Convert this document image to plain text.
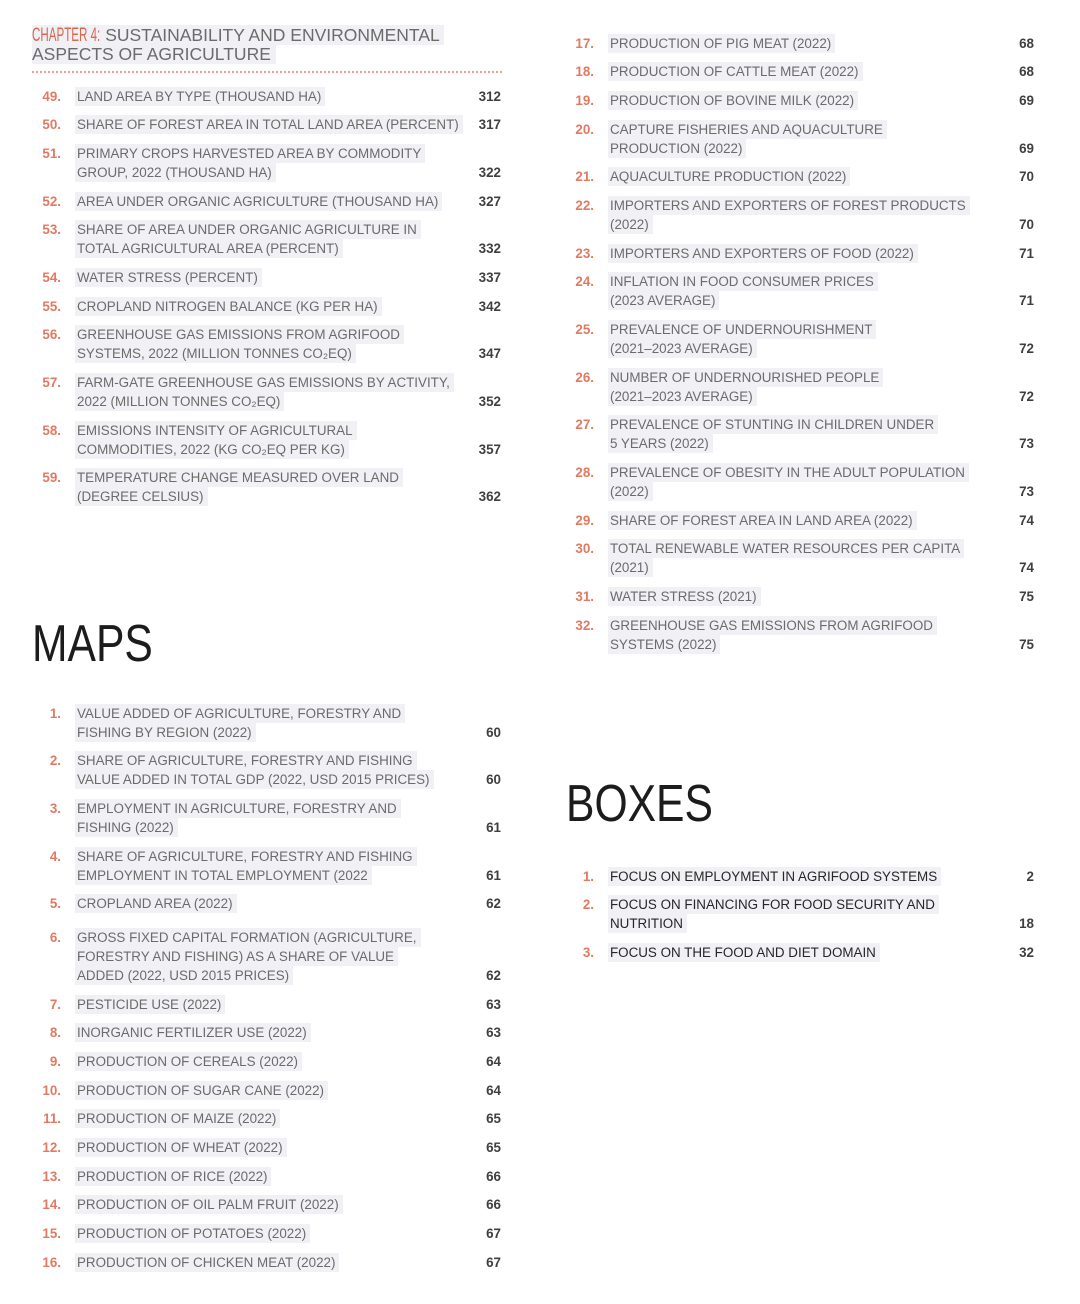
CHAPTER 4: SUSTAINABILITY AND ENVIRONMENTAL ASPECTS OF AGRICULTURE
49. LAND AREA BY TYPE (THOUSAND HA)	312
50. SHARE OF FOREST AREA IN TOTAL LAND AREA (PERCENT)	317
51. PRIMARY CROPS HARVESTED AREA BY COMMODITY
GROUP, 2022 (THOUSAND HA)	322
52. AREA UNDER ORGANIC AGRICULTURE (THOUSAND HA)	327
53. SHARE OF AREA UNDER ORGANIC AGRICULTURE IN
TOTAL AGRICULTURAL AREA (PERCENT)	332
54. WATER STRESS (PERCENT)	337
55. CROPLAND NITROGEN BALANCE (KG PER HA)	342
56. GREENHOUSE GAS EMISSIONS FROM AGRIFOOD
SYSTEMS, 2022 (MILLION TONNES CO₂EQ)	347
57. FARM-GATE GREENHOUSE GAS EMISSIONS BY ACTIVITY,
2022 (MILLION TONNES CO₂EQ)	352
58. EMISSIONS INTENSITY OF AGRICULTURAL
COMMODITIES, 2022 (KG CO₂EQ PER KG)	357
59. TEMPERATURE CHANGE MEASURED OVER LAND
(DEGREE CELSIUS)	362
MAPS
1. VALUE ADDED OF AGRICULTURE, FORESTRY AND
FISHING BY REGION (2022)	60
2. SHARE OF AGRICULTURE, FORESTRY AND FISHING
VALUE ADDED IN TOTAL GDP (2022, USD 2015 PRICES)	60
3. EMPLOYMENT IN AGRICULTURE, FORESTRY AND
FISHING (2022)	61
4. SHARE OF AGRICULTURE, FORESTRY AND FISHING
EMPLOYMENT IN TOTAL EMPLOYMENT (2022	61
5. CROPLAND AREA (2022)	62
6. GROSS FIXED CAPITAL FORMATION (AGRICULTURE,
FORESTRY AND FISHING) AS A SHARE OF VALUE
ADDED (2022, USD 2015 PRICES)	62
7. PESTICIDE USE (2022)	63
8. INORGANIC FERTILIZER USE (2022)	63
9. PRODUCTION OF CEREALS (2022)	64
10. PRODUCTION OF SUGAR CANE (2022)	64
11. PRODUCTION OF MAIZE (2022)	65
12. PRODUCTION OF WHEAT (2022)	65
13. PRODUCTION OF RICE (2022)	66
14. PRODUCTION OF OIL PALM FRUIT (2022)	66
15. PRODUCTION OF POTATOES (2022)	67
16. PRODUCTION OF CHICKEN MEAT (2022)	67
17. PRODUCTION OF PIG MEAT (2022)	68
18. PRODUCTION OF CATTLE MEAT (2022)	68
19. PRODUCTION OF BOVINE MILK (2022)	69
20. CAPTURE FISHERIES AND AQUACULTURE
PRODUCTION (2022)	69
21. AQUACULTURE PRODUCTION (2022)	70
22. IMPORTERS AND EXPORTERS OF FOREST PRODUCTS
(2022)	70
23. IMPORTERS AND EXPORTERS OF FOOD (2022)	71
24. INFLATION IN FOOD CONSUMER PRICES
(2023 AVERAGE)	71
25. PREVALENCE OF UNDERNOURISHMENT
(2021–2023 AVERAGE)	72
26. NUMBER OF UNDERNOURISHED PEOPLE
(2021–2023 AVERAGE)	72
27. PREVALENCE OF STUNTING IN CHILDREN UNDER
5 YEARS (2022)	73
28. PREVALENCE OF OBESITY IN THE ADULT POPULATION
(2022)	73
29. SHARE OF FOREST AREA IN LAND AREA (2022)	74
30. TOTAL RENEWABLE WATER RESOURCES PER CAPITA
(2021)	74
31. WATER STRESS (2021)	75
32. GREENHOUSE GAS EMISSIONS FROM AGRIFOOD
SYSTEMS (2022)	75
BOXES
1. FOCUS ON EMPLOYMENT IN AGRIFOOD SYSTEMS	2
2. FOCUS ON FINANCING FOR FOOD SECURITY AND
NUTRITION	18
3. FOCUS ON THE FOOD AND DIET DOMAIN	32
